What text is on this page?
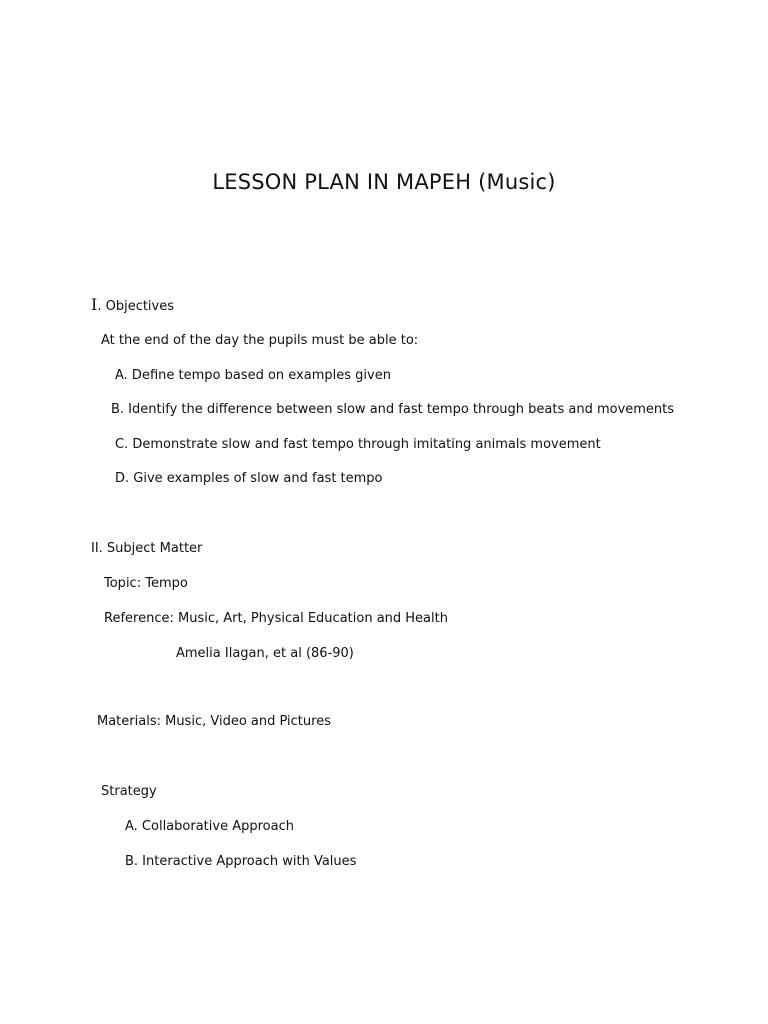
LESSON PLAN IN MAPEH (Music)
I. Objectives
At the end of the day the pupils must be able to:
A. Define tempo based on examples given
B. Identify the difference between slow and fast tempo through beats and movements
C. Demonstrate slow and fast tempo through imitating animals movement
D. Give examples of slow and fast tempo
II. Subject Matter
Topic: Tempo
Reference: Music, Art, Physical Education and Health
Amelia Ilagan, et al (86-90)
Materials: Music, Video and Pictures
Strategy
A. Collaborative Approach
B. Interactive Approach with Values
